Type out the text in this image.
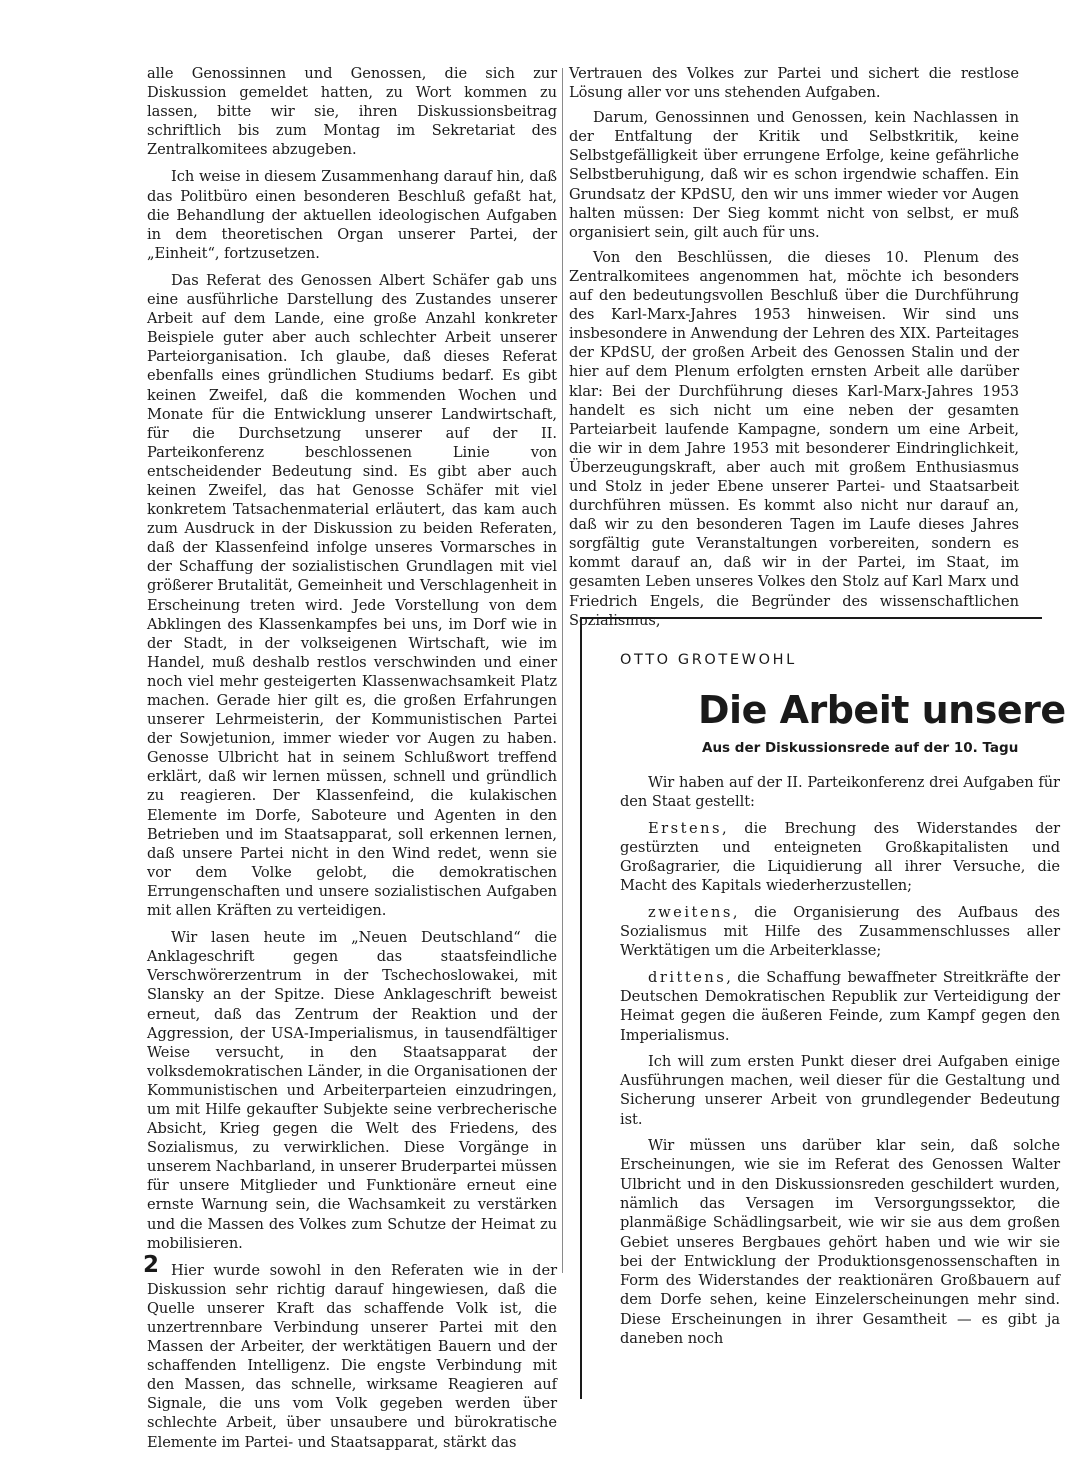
alle Genossinnen und Genossen, die sich zur Diskussion gemeldet hatten, zu Wort kommen zu lassen, bitte wir sie, ihren Diskussionsbeitrag schriftlich bis zum Montag im Sekretariat des Zentralkomitees abzugeben.

Ich weise in diesem Zusammenhang darauf hin, daß das Politbüro einen besonderen Beschluß gefaßt hat, die Behandlung der aktuellen ideologischen Aufgaben in dem theoretischen Organ unserer Partei, der „Einheit“, fortzusetzen.

Das Referat des Genossen Albert Schäfer gab uns eine ausführliche Darstellung des Zustandes unserer Arbeit auf dem Lande, eine große Anzahl konkreter Beispiele guter aber auch schlechter Arbeit unserer Parteiorganisation. Ich glaube, daß dieses Referat ebenfalls eines gründlichen Studiums bedarf. Es gibt keinen Zweifel, daß die kommenden Wochen und Monate für die Entwicklung unserer Landwirtschaft, für die Durchsetzung unserer auf der II. Parteikonferenz beschlossenen Linie von entscheidender Bedeutung sind. Es gibt aber auch keinen Zweifel, das hat Genosse Schäfer mit viel konkretem Tatsachenmaterial erläutert, das kam auch zum Ausdruck in der Diskussion zu beiden Referaten, daß der Klassenfeind infolge unseres Vormarsches in der Schaffung der sozialistischen Grundlagen mit viel größerer Brutalität, Gemeinheit und Verschlagenheit in Erscheinung treten wird. Jede Vorstellung von dem Abklingen des Klassenkampfes bei uns, im Dorf wie in der Stadt, in der volkseigenen Wirtschaft, wie im Handel, muß deshalb restlos verschwinden und einer noch viel mehr gesteigerten Klassenwachsamkeit Platz machen. Gerade hier gilt es, die großen Erfahrungen unserer Lehrmeisterin, der Kommunistischen Partei der Sowjetunion, immer wieder vor Augen zu haben. Genosse Ulbricht hat in seinem Schlußwort treffend erklärt, daß wir lernen müssen, schnell und gründlich zu reagieren. Der Klassenfeind, die kulakischen Elemente im Dorfe, Saboteure und Agenten in den Betrieben und im Staatsapparat, soll erkennen lernen, daß unsere Partei nicht in den Wind redet, wenn sie vor dem Volke gelobt, die demokratischen Errungenschaften und unsere sozialistischen Aufgaben mit allen Kräften zu verteidigen.

Wir lasen heute im „Neuen Deutschland“ die Anklageschrift gegen das staatsfeindliche Verschwörerzentrum in der Tschechoslowakei, mit Slansky an der Spitze. Diese Anklageschrift beweist erneut, daß das Zentrum der Reaktion und der Aggression, der USA-Imperialismus, in tausendfältiger Weise versucht, in den Staatsapparat der volksdemokratischen Länder, in die Organisationen der Kommunistischen und Arbeiterparteien einzudringen, um mit Hilfe gekaufter Subjekte seine verbrecherische Absicht, Krieg gegen die Welt des Friedens, des Sozialismus, zu verwirklichen. Diese Vorgänge in unserem Nachbarland, in unserer Bruderpartei müssen für unsere Mitglieder und Funktionäre erneut eine ernste Warnung sein, die Wachsamkeit zu verstärken und die Massen des Volkes zum Schutze der Heimat zu mobilisieren.

Hier wurde sowohl in den Referaten wie in der Diskussion sehr richtig darauf hingewiesen, daß die Quelle unserer Kraft das schaffende Volk ist, die unzertrennbare Verbindung unserer Partei mit den Massen der Arbeiter, der werktätigen Bauern und der schaffenden Intelligenz. Die engste Verbindung mit den Massen, das schnelle, wirksame Reagieren auf Signale, die uns vom Volk gegeben werden über schlechte Arbeit, über unsaubere und bürokratische Elemente im Partei- und Staatsapparat, stärkt das

Vertrauen des Volkes zur Partei und sichert die restlose Lösung aller vor uns stehenden Aufgaben.

Darum, Genossinnen und Genossen, kein Nachlassen in der Entfaltung der Kritik und Selbstkritik, keine Selbstgefälligkeit über errungene Erfolge, keine gefährliche Selbstberuhigung, daß wir es schon irgendwie schaffen. Ein Grundsatz der KPdSU, den wir uns immer wieder vor Augen halten müssen: Der Sieg kommt nicht von selbst, er muß organisiert sein, gilt auch für uns.

Von den Beschlüssen, die dieses 10. Plenum des Zentralkomitees angenommen hat, möchte ich besonders auf den bedeutungsvollen Beschluß über die Durchführung des Karl-Marx-Jahres 1953 hinweisen. Wir sind uns insbesondere in Anwendung der Lehren des XIX. Parteitages der KPdSU, der großen Arbeit des Genossen Stalin und der hier auf dem Plenum erfolgten ernsten Arbeit alle darüber klar: Bei der Durchführung dieses Karl-Marx-Jahres 1953 handelt es sich nicht um eine neben der gesamten Parteiarbeit laufende Kampagne, sondern um eine Arbeit, die wir in dem Jahre 1953 mit besonderer Eindringlichkeit, Überzeugungskraft, aber auch mit großem Enthusiasmus und Stolz in jeder Ebene unserer Partei- und Staatsarbeit durchführen müssen. Es kommt also nicht nur darauf an, daß wir zu den besonderen Tagen im Laufe dieses Jahres sorgfältig gute Veranstaltungen vorbereiten, sondern es kommt darauf an, daß wir in der Partei, im Staat, im gesamten Leben unseres Volkes den Stolz auf Karl Marx und Friedrich Engels, die Begründer des wissenschaftlichen Sozialismus,

OTTO GROTEWOHL
Die Arbeit unsere
Aus der Diskussionsrede auf der 10. Tagu

Wir haben auf der II. Parteikonferenz drei Aufgaben für den Staat gestellt:

Erstens, die Brechung des Widerstandes der gestürzten und enteigneten Großkapitalisten und Großagrarier, die Liquidierung all ihrer Versuche, die Macht des Kapitals wiederherzustellen;

zweitens, die Organisierung des Aufbaus des Sozialismus mit Hilfe des Zusammenschlusses aller Werktätigen um die Arbeiterklasse;

drittens, die Schaffung bewaffneter Streitkräfte der Deutschen Demokratischen Republik zur Verteidigung der Heimat gegen die äußeren Feinde, zum Kampf gegen den Imperialismus.

Ich will zum ersten Punkt dieser drei Aufgaben einige Ausführungen machen, weil dieser für die Gestaltung und Sicherung unserer Arbeit von grundlegender Bedeutung ist.

Wir müssen uns darüber klar sein, daß solche Erscheinungen, wie sie im Referat des Genossen Walter Ulbricht und in den Diskussionsreden geschildert wurden, nämlich das Versagen im Versorgungssektor, die planmäßige Schädlingsarbeit, wie wir sie aus dem großen Gebiet unseres Bergbaues gehört haben und wie wir sie bei der Entwicklung der Produktionsgenossenschaften in Form des Widerstandes der reaktionären Großbauern auf dem Dorfe sehen, keine Einzelerscheinungen mehr sind. Diese Erscheinungen in ihrer Gesamtheit — es gibt ja daneben noch

2
